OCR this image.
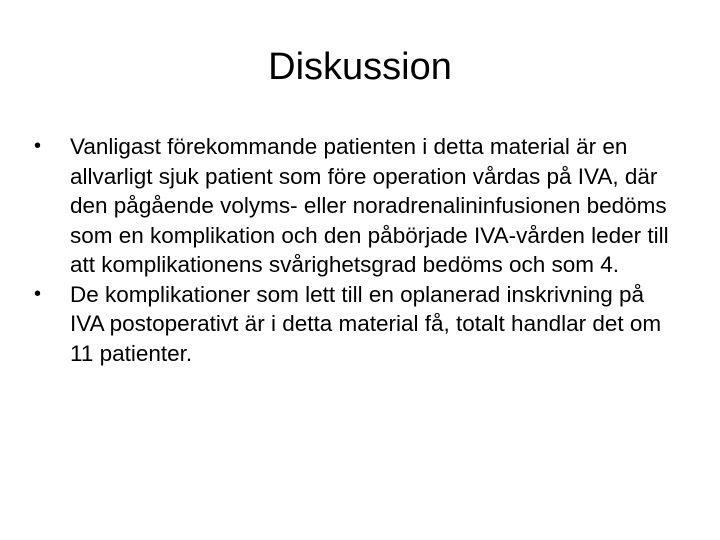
Diskussion
•	Vanligast förekommande patienten i detta material är en allvarligt sjuk patient som före operation vårdas på IVA, där den pågående volyms- eller noradrenalininfusionen bedöms som en komplikation och den påbörjade IVA-vården leder till att komplikationens svårighetsgrad bedöms och som 4.
•	De komplikationer som lett till en oplanerad inskrivning på IVA postoperativt är i detta material få, totalt handlar det om 11 patienter.
